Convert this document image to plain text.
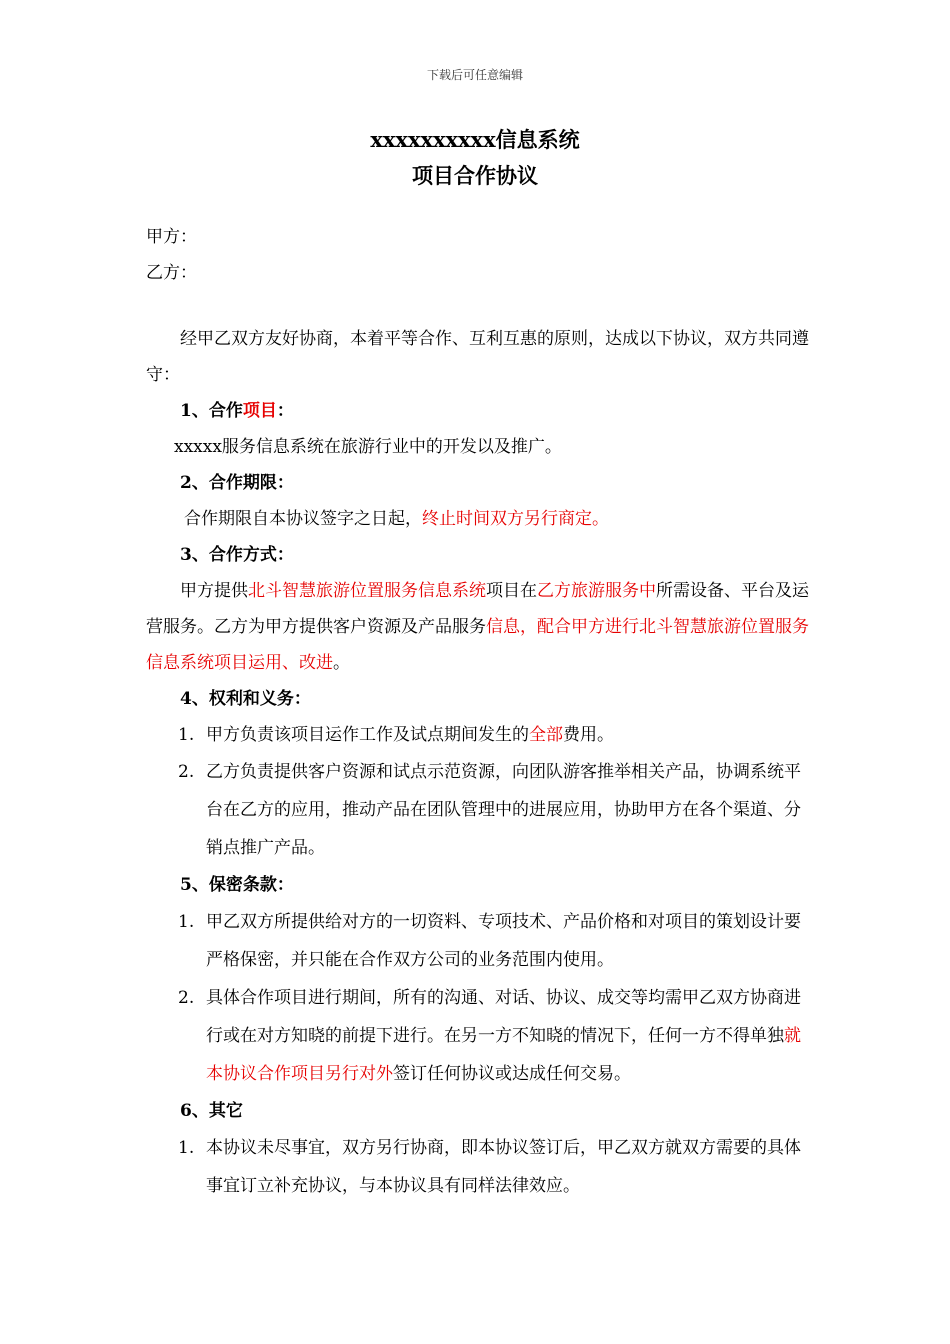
下载后可任意编辑
xxxxxxxxxx信息系统
项目合作协议

甲方：

乙方：

经甲乙双方友好协商，本着平等合作、互利互惠的原则，达成以下协议，双方共同遵守：

1、合作项目：

xxxxx服务信息系统在旅游行业中的开发以及推广。

2、合作期限：

合作期限自本协议签字之日起，终止时间双方另行商定。

3、合作方式：

甲方提供北斗智慧旅游位置服务信息系统项目在乙方旅游服务中所需设备、平台及运营服务。乙方为甲方提供客户资源及产品服务信息，配合甲方进行北斗智慧旅游位置服务信息系统项目运用、改进。

4、权利和义务：

1. 甲方负责该项目运作工作及试点期间发生的全部费用。
2. 乙方负责提供客户资源和试点示范资源，向团队游客推举相关产品，协调系统平台在乙方的应用，推动产品在团队管理中的进展应用，协助甲方在各个渠道、分销点推广产品。

5、保密条款：

1. 甲乙双方所提供给对方的一切资料、专项技术、产品价格和对项目的策划设计要严格保密，并只能在合作双方公司的业务范围内使用。
2. 具体合作项目进行期间，所有的沟通、对话、协议、成交等均需甲乙双方协商进行或在对方知晓的前提下进行。在另一方不知晓的情况下，任何一方不得单独就本协议合作项目另行对外签订任何协议或达成任何交易。

6、其它

1. 本协议未尽事宜，双方另行协商，即本协议签订后，甲乙双方就双方需要的具体事宜订立补充协议，与本协议具有同样法律效应。
